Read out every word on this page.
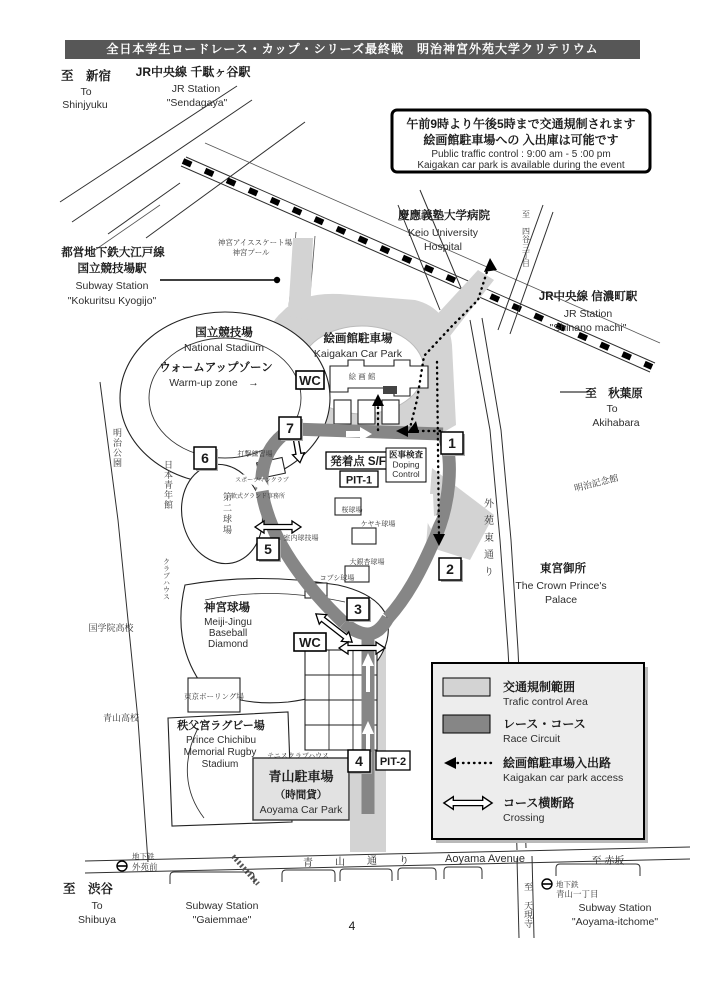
全日本学生ロードレース・カップ・シリーズ最終戦　明治神宮外苑大学クリテリウム
WC
発着点 S/F
PIT-1
医事検査
Doping
Control
WC
PIT-2
青山駐車場
（時間貸）
Aoyama Car Park
1
2
3
4
5
6
7
午前9時より午後5時まで交通規制されます
絵画館駐車場への 入出庫は可能です
Public traffic control : 9:00 am - 5 :00 pm
Kaigakan car park is available during the event
交通規制範囲
Trafic control Area
レース・コース
Race Circuit
絵画館駐車場入出路
Kaigakan car park access
コース横断路
Crossing
至　新宿
To
Shinjyuku
JR中央線 千駄ヶ谷駅
JR Station
"Sendagaya"
慶應義塾大学病院
Keio University
Hospital
JR中央線 信濃町駅
JR Station
"Shinano machi"
都営地下鉄大江戸線
国立競技場駅
Subway Station
"Kokuritsu Kyogijo"
国立競技場
National Stadium
ウォームアップゾーン
Warm-up zone　→
絵画館駐車場
Kaigakan Car Park
絵 画 館
至　秋葉原
To
Akihabara
明治記念館
東宮御所
The Crown Prince's
Palace
神宮球場
Meiji-Jingu
Baseball
Diamond
国学院高校
青山高校
東京ボーリング場
秩父宮ラグビー場
Prince Chichibu
Memorial Rugby
Stadium
打撃練習場
スポーツマンクラブ
軟式グランド事務所
桜球場
ケヤキ球場
大銀杏球場
コブシ球場
室内球技場
テニスクラブハウス
神宮アイススケート場
神宮プール
外苑東通り
第二球場
明治公園
日本青年館
クラブハウス
至 四谷三丁目
至 天現寺
青 山 通 り	Aoyama Avenue	至 赤坂
地下鉄
外苑前
至　渋谷
To
Shibuya
Subway Station
"Gaiemmae"
地下鉄
青山一丁目
Subway Station
"Aoyama-itchome"
4
